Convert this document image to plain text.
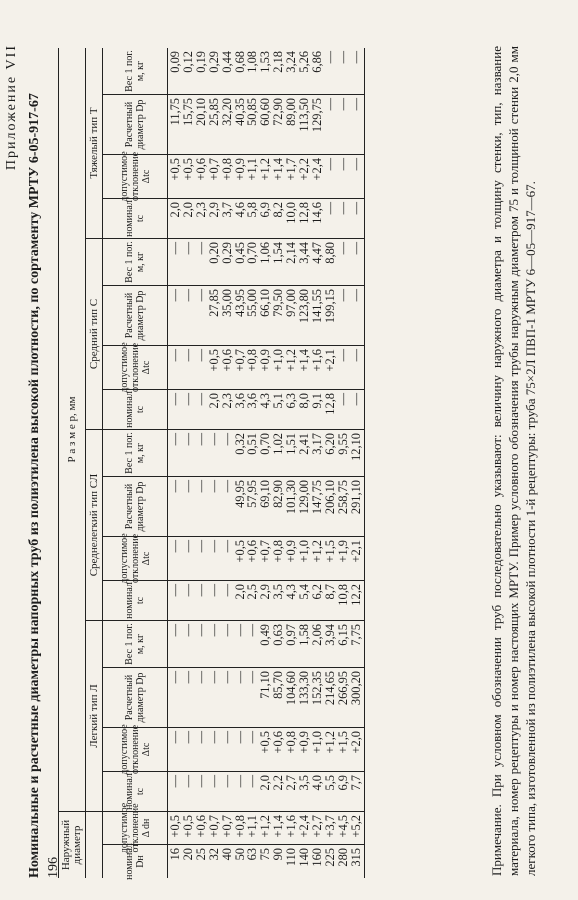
196
Приложение VII Номинальные и расчетные диаметры напорных труб из полиэтилена высокой плотности, по сортаменту МРТУ 6-05-917-67 Наружный диаметр
Р а з м е р, мм
Легкий тип Л
Среднелегкий тип СЛ
Средний тип С
Тяжелый тип Т
номинал Dн
допустимое отклонение Δ dн
номинал tс
допустимое отклонение Δtс
Расчетный диаметр Dp
Вес 1 пог. м, кг
номинал tс
допустимое отклонение Δtс
Расчетный диаметр Dp
Вес 1 пог. м, кг
номинал tс
допустимое отклонение Δtс
Расчетный диаметр Dp
Вес 1 пог. м, кг
номинал tс
допустимое отклонение Δtс
Расчетный диаметр Dp
Вес 1 пог. м, кг
16
20
25
32
40
50
63
75
90
110
140
160
225
280
315
+0,5
+0,5
+0,6
+0,7
+0,7
+0,8
+1,1
+1,2
+1,4
+1,6
+2,4
+2,7
+3,7
+4,5
+5,2
—
—
—
—
—
—
—
2,0
2,2
2,7
3,5
4,0
5,5
6,9
7,7
—
—
—
—
—
—
—
+0,5
+0,6
+0,8
+0,9
+1,0
+1,2
+1,5
+2,0
—
—
—
—
—
—
—
71,10
85,70
104,60
133,30
152,35
214,65
266,95
300,20
—
—
—
—
—
—
—
0,49
0,63
0,97
1,58
2,06
3,94
6,15
7,75
—
—
—
—
—
2,0
2,5
2,9
3,5
4,3
5,4
6,2
8,7
10,8
12,2
—
—
—
—
—
+0,5
+0,6
+0,7
+0,8
+0,9
+1,0
+1,2
+1,5
+1,9
+2,1
—
—
—
—
—
49,95
57,95
69,10
82,90
101,30
129,00
147,75
206,10
258,75
291,10
—
—
—
—
—
0,32
0,51
0,70
1,02
1,51
2,41
3,17
6,20
9,55
12,10
—
—
—
2,0
2,3
3,6
3,6
4,3
5,1
6,3
8,0
9,1
12,8
—
—
—
—
—
+0,5
+0,6
+0,7
+0,8
+0,9
+1,0
+1,2
+1,4
+1,6
+2,1
—
—
—
—
—
27,85
35,00
43,95
55,00
66,10
79,50
97,00
123,80
141,55
199,15
—
—
—
—
—
0,20
0,29
0,45
0,70
1,06
1,54
2,14
3,44
4,47
8,80
—
—
2,0
2,0
2,3
2,9
3,7
4,6
5,8
6,9
8,2
10,0
12,8
14,6
—
—
—
+0,5
+0,5
+0,6
+0,7
+0,8
+0,9
+1,1
+1,2
+1,4
+1,7
+2,2
+2,4
—
—
—
11,75
15,75
20,10
25,85
32,20
40,35
50,85
60,60
72,90
89,00
113,50
129,75
—
—
—
0,09
0,12
0,19
0,29
0,44
0,68
1,08
1,53
2,18
3,24
5,26
6,86
—
—
—	Примечание. При условном обозначении труб последовательно указывают: величину наружного диаметра и толщину стенки, тип, название материала, номер рецептуры и номер настоящих МРТУ. Пример условного обозначения трубы наружным диаметром 75 и толщиной стенки 2,0 мм легкого типа, изготовленной из полиэтилена высокой плотности 1-й рецептуры: труба 75×2Л ПВП-1 МРТУ 6—05—917—67.
